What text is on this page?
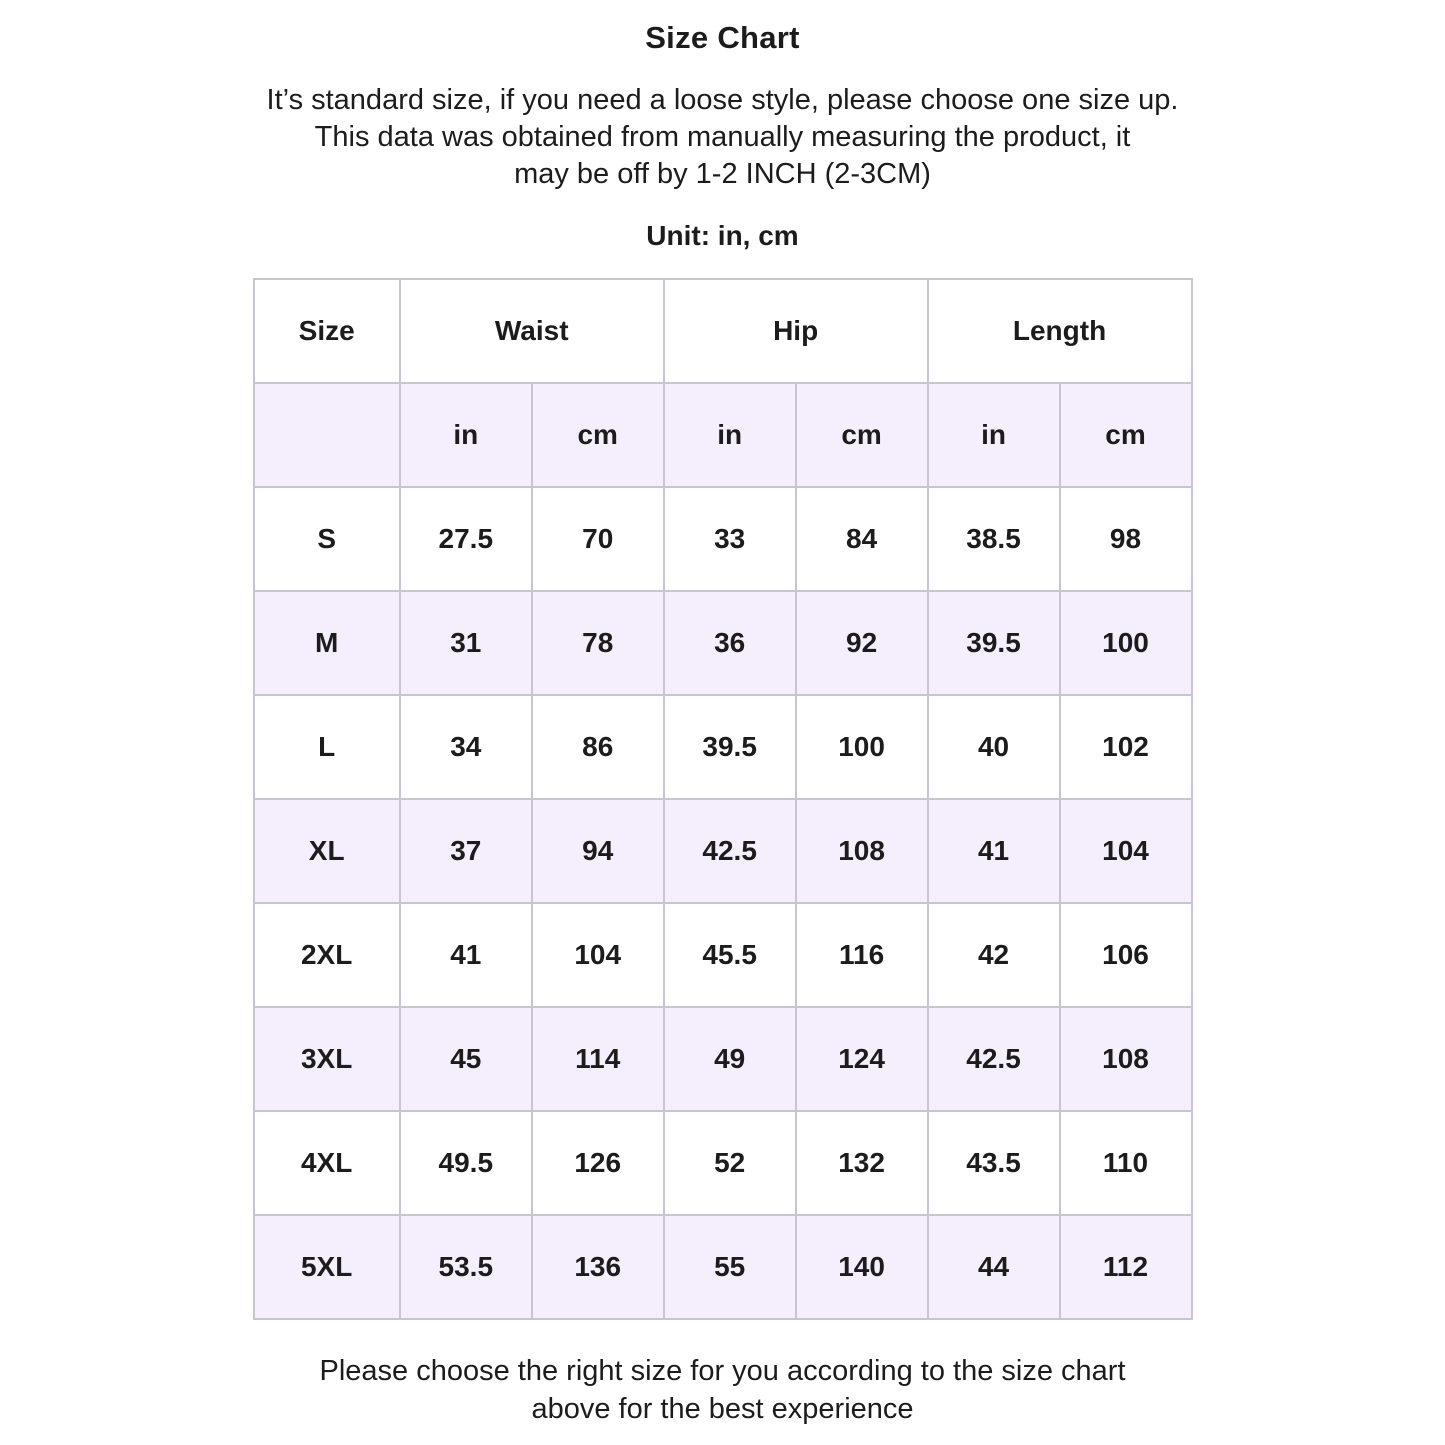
Size Chart

It’s standard size, if you need a loose style, please choose one size up.
This data was obtained from manually measuring the product, it
may be off by 1-2 INCH (2-3CM)

Unit: in, cm
Size	Waist		Hip		Length	
	in	cm	in	cm	in	cm
S	27.5	70	33	84	38.5	98
M	31	78	36	92	39.5	100
L	34	86	39.5	100	40	102
XL	37	94	42.5	108	41	104
2XL	41	104	45.5	116	42	106
3XL	45	114	49	124	42.5	108
4XL	49.5	126	52	132	43.5	110
5XL	53.5	136	55	140	44	112

Please choose the right size for you according to the size chart
above for the best experience
